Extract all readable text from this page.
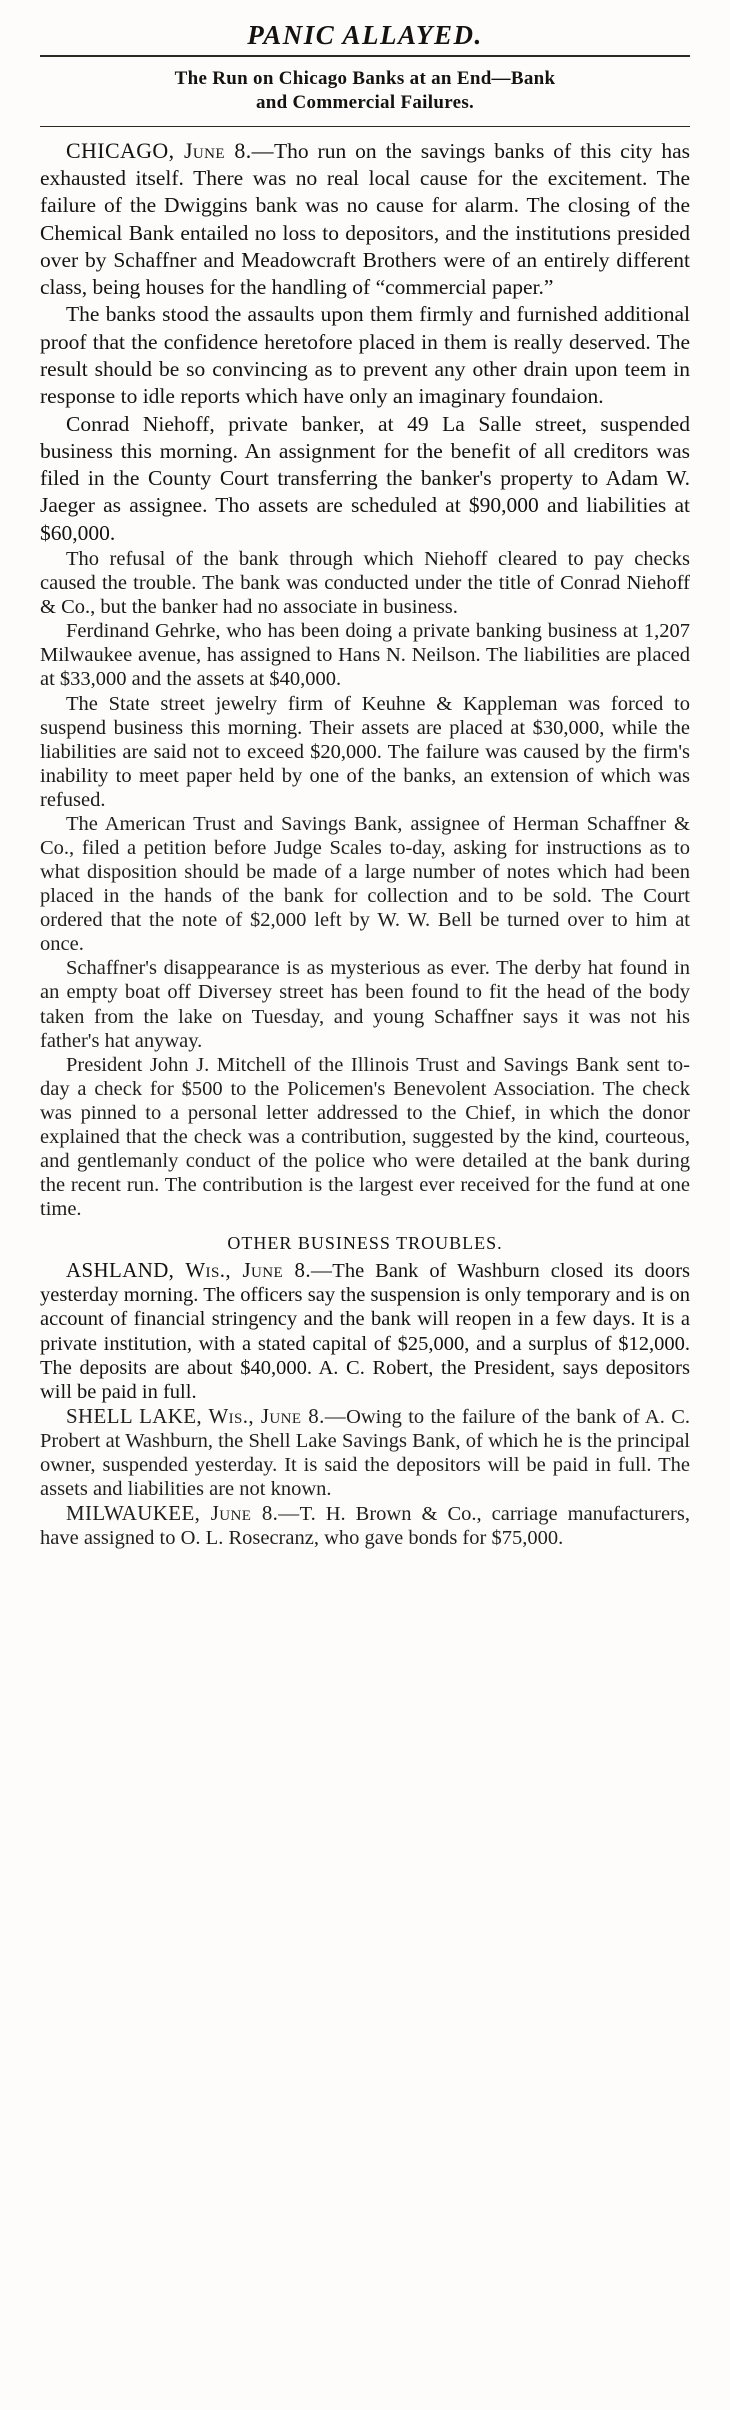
PANIC ALLAYED.
The Run on Chicago Banks at an End—Bank
and Commercial Failures.

CHICAGO, June 8.—Tho run on the savings banks of this city has exhausted itself. There was no real local cause for the excitement. The failure of the Dwiggins bank was no cause for alarm. The closing of the Chemical Bank entailed no loss to depositors, and the institutions presided over by Schaffner and Meadowcraft Brothers were of an entirely different class, being houses for the handling of “commercial paper.”

The banks stood the assaults upon them firmly and furnished additional proof that the confidence heretofore placed in them is really deserved. The result should be so convincing as to prevent any other drain upon teem in response to idle reports which have only an imaginary foundaion.

Conrad Niehoff, private banker, at 49 La Salle street, suspended business this morning. An assignment for the benefit of all creditors was filed in the County Court transferring the banker's property to Adam W. Jaeger as assignee. Tho assets are scheduled at $90,000 and liabilities at $60,000.

Tho refusal of the bank through which Niehoff cleared to pay checks caused the trouble. The bank was conducted under the title of Conrad Niehoff & Co., but the banker had no associate in business.

Ferdinand Gehrke, who has been doing a private banking business at 1,207 Milwaukee avenue, has assigned to Hans N. Neilson. The liabilities are placed at $33,000 and the assets at $40,000.

The State street jewelry firm of Keuhne & Kappleman was forced to suspend business this morning. Their assets are placed at $30,000, while the liabilities are said not to exceed $20,000. The failure was caused by the firm's inability to meet paper held by one of the banks, an extension of which was refused.

The American Trust and Savings Bank, assignee of Herman Schaffner & Co., filed a petition before Judge Scales to-day, asking for instructions as to what disposition should be made of a large number of notes which had been placed in the hands of the bank for collection and to be sold. The Court ordered that the note of $2,000 left by W. W. Bell be turned over to him at once.

Schaffner's disappearance is as mysterious as ever. The derby hat found in an empty boat off Diversey street has been found to fit the head of the body taken from the lake on Tuesday, and young Schaffner says it was not his father's hat anyway.

President John J. Mitchell of the Illinois Trust and Savings Bank sent to-day a check for $500 to the Policemen's Benevolent Association. The check was pinned to a personal letter addressed to the Chief, in which the donor explained that the check was a contribution, suggested by the kind, courteous, and gentlemanly conduct of the police who were detailed at the bank during the recent run. The contribution is the largest ever received for the fund at one time.

OTHER BUSINESS TROUBLES.

ASHLAND, Wis., June 8.—The Bank of Washburn closed its doors yesterday morning. The officers say the suspension is only temporary and is on account of financial stringency and the bank will reopen in a few days. It is a private institution, with a stated capital of $25,000, and a surplus of $12,000. The deposits are about $40,000. A. C. Robert, the President, says depositors will be paid in full.

SHELL LAKE, Wis., June 8.—Owing to the failure of the bank of A. C. Probert at Washburn, the Shell Lake Savings Bank, of which he is the principal owner, suspended yesterday. It is said the depositors will be paid in full. The assets and liabilities are not known.

MILWAUKEE, June 8.—T. H. Brown & Co., carriage manufacturers, have assigned to O. L. Rosecranz, who gave bonds for $75,000.
